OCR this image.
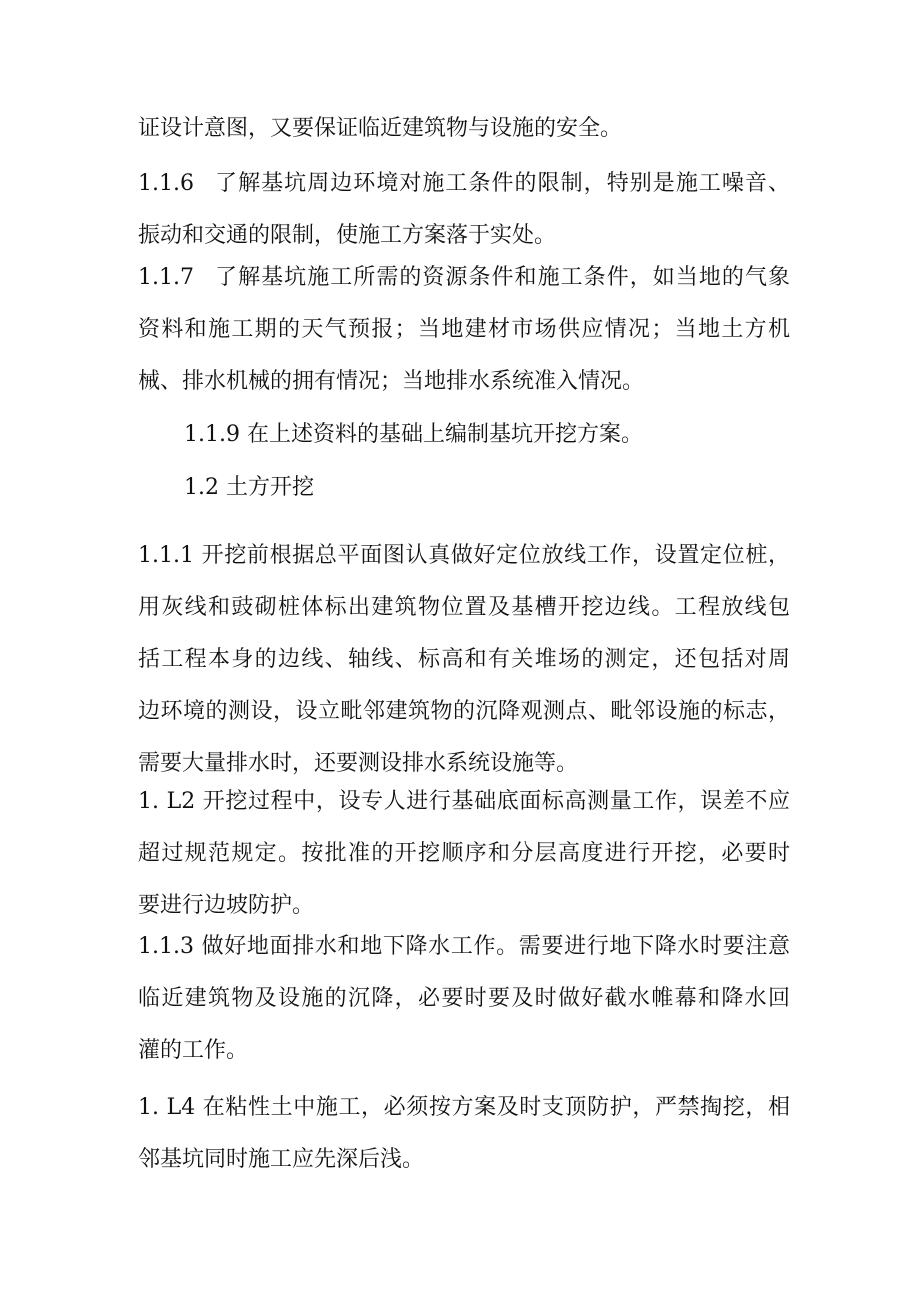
证设计意图，又要保证临近建筑物与设施的安全。

1.1.6 了解基坑周边环境对施工条件的限制，特别是施工噪音、
振动和交通的限制，使施工方案落于实处。

1.1.7 了解基坑施工所需的资源条件和施工条件，如当地的气象
资料和施工期的天气预报；当地建材市场供应情况；当地土方机
械、排水机械的拥有情况；当地排水系统准入情况。

1.1.9 在上述资料的基础上编制基坑开挖方案。

1.2 土方开挖

1.1.1 开挖前根据总平面图认真做好定位放线工作，设置定位桩，
用灰线和豉砌桩体标出建筑物位置及基槽开挖边线。工程放线包
括工程本身的边线、轴线、标高和有关堆场的测定，还包括对周
边环境的测设，设立毗邻建筑物的沉降观测点、毗邻设施的标志，
需要大量排水时，还要测设排水系统设施等。

1. L2 开挖过程中，设专人进行基础底面标高测量工作，误差不应
超过规范规定。按批准的开挖顺序和分层高度进行开挖，必要时
要进行边坡防护。

1.1.3 做好地面排水和地下降水工作。需要进行地下降水时要注意
临近建筑物及设施的沉降，必要时要及时做好截水帷幕和降水回
灌的工作。

1. L4 在粘性土中施工，必须按方案及时支顶防护，严禁掏挖，相
邻基坑同时施工应先深后浅。
